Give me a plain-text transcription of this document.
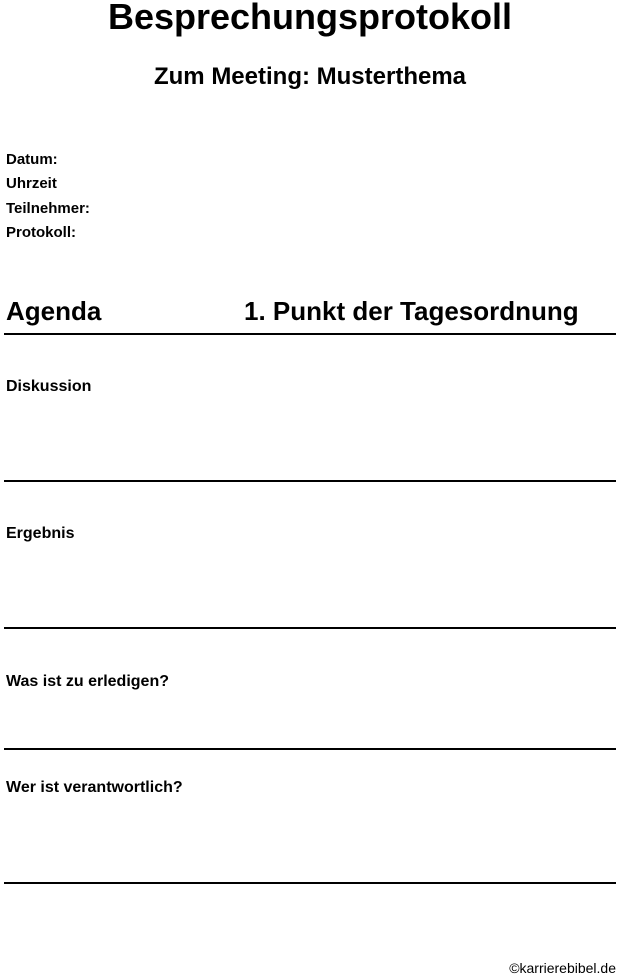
Besprechungsprotokoll
Zum Meeting: Musterthema
Datum:
Uhrzeit
Teilnehmer:
Protokoll:
Agenda	1. Punkt der Tagesordnung
Diskussion
Ergebnis
Was ist zu erledigen?
Wer ist verantwortlich?
©karrierebibel.de
